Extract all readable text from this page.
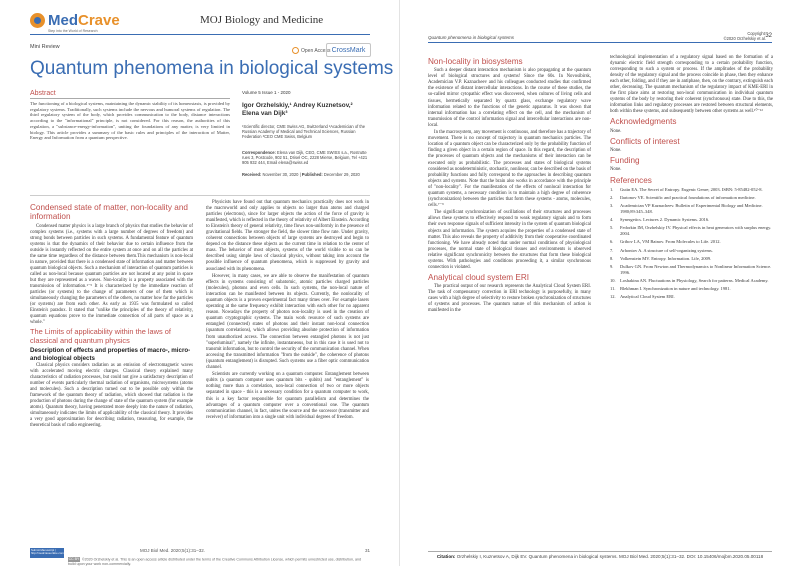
MedCrave
Step into the World of Research
MOJ Biology and Medicine
Mini Review
Open Access CrossMark
Quantum phenomena in biological systems
Abstract
The functioning of a biological systems, maintaining the dynamic stability of its homeostasis, is provided by regulatory systems. Traditionally, such systems include the nervous and humoral systems of regulation. The third regulatory system of the body, which provides communication to the body, distance interactions according to the "informational" principle, is not considered. For this reason, the authorities of this regulation, a "substance-energy-information", uniting the foundations of any matter, is very limited in biology. This article provides a summary of the basic rules and principles of the interaction of Matter, Energy and Information from a quantum perspective.
Volume 5 Issue 1 - 2020
Igor Orzhelskiy,¹ Andrey Kuznetsov,² Elena van Dijk³
¹Scientific director, CME Swiss AG, Switzerland ²Academician of the Russian Academy of Medical and Technical Sciences, Russian Federation ³CEO CME Swiss, Belgium
Correspondence: Elena van Dijk, CEO, CME SWISS s.a., Rostrutte rues 3, Postcode, 902 51, Drisel OC, 2228 Mierse, Belgium, Tel +421 905 932 444, Email elena@swiss.ed
Received: November 30, 2020 | Published: December 29, 2020
Condensed state of matter, non-locality and information
Condensed matter physics is a large branch of physics that studies the behavior of complex systems (i.e., systems with a large number of degrees of freedom) and strong bonds between particles in such systems. A fundamental feature of quantum systems is that the dynamics of their behavior due to certain influence from the outside is instantly reflected on the entire system at once and on all the particles at the same time regardless of the distance between them.This mechanism is non-local in nature, provided that there is a condensed state of information and matter between quantum biological objects. Such a mechanism of interaction of quantum particles is called as non-local because quantum particles are not located at any point in space but they are represented as a waves. Non-locality is a property associated with the transmission of information.¹⁻⁵ It is characterized by the immediate reaction of particles (or systems) to the change of parameters of one of them which is simultaneously changing the parameters of the others, no matter how far the particles (or systems) are from each other. As early as 1935 was formulated so called Einstein's paradox. It stated that "unlike the principles of the theory of relativity, quantum equations prove to the immediate connection of all parts of space as a whole."
The Limits of applicability within the laws of classical and quantum physics
Description of effects and properties of macro-, micro- and biological objects
Classical physics considers radiation as an emission of electromagnetic waves with accelerated moving electric charges. Classical theory explained many characteristics of radiation processes, but could not give a satisfactory description of number of events particularly thermal radiation of organisms, microsystems (atoms and molecules). Such a description turned out to be possible only within the framework of the quantum theory of radiation, which showed that radiation is the production of photons during the change of state of the quantum system (for example atoms). Quantum theory, having penetrated more deeply into the nature of radiation, simultaneously indicates the limits of applicability of the classical theory. It provides a very good approximation for describing radiation, treasuring, for example, the theoretical basis of radio engineering.
Physicists have found out that quantum mechanics practically does not work in the macroworld and only applies to objects no larger than atoms and charged particles (electrons), since for larger objects the action of the force of gravity is manifested, which is reflected in the theory of relativity of Albert Einstein. According to Einstein's theory of general relativity, time flows non-uniformly in the presence of gravitational fields. The stronger the field, the slower time flow rate. Under gravity, coherent connections between objects of large systems are destroyed and begin to depend on the distance these objects as the current time in relation to the center of mass. The behavior of most objects, systems of the world visible to us can be described using simple laws of classical physics, without taking into account the possible influence of quantum phenomena, which is suppressed by gravity and associated with its phenomena.
However, in many cases, we are able to observe the manifestation of quantum effects in systems consisting of subatomic, atomic particles charged particles (molecules), photons and even cells. In such systems, the non-local nature of interaction can be manifested between its objects. Currently, the nonlocality of quantum objects is a proven experimental fact many times over. For example lasers operating at the same frequency exhibit interaction with each other for no apparent reason. Nowadays the property of photon non-locality is used in the creation of quantum cryptographic systems. The main work resource of such systems are entangled (connected) states of photons and their instant non-local connection (quantum correlations), which allows providing absolute protection of information from unauthorized access. The connection between entangled photons is not just "superluminal", namely the infinite, instantaneous, but in this case it is used not to transmit information, but to control the security of the communication channel. When accessing the transmitted information "from the outside", the coherence of photons (quantum entanglement) is disrupted. Such systems use a fiber optic communication channel.
Scientists are currently working on a quantum computer. Entanglement between qubits (a quantum computer uses quantum bits - qubits) and "entanglement" is nothing more than a correlation, non-local connection of two or more objects separated in space - this is a necessary condition for a quantum computer to work, this is a key factor responsible for quantum parallelism and determines the advantages of a quantum computer over a conventional one. The quantum communication channel, in fact, unites the source and the successor (transmitter and receiver) of information into a single unit with individual degrees of freedom.
Submit Manuscript | http://medcraveonline.com
MOJ Biol Med. 2020;5(1):31‒32.	31
CC BY ©2020 Orzhelskiy et al. This is an open access article distributed under the terms of the Creative Commons Attribution License, which permits unrestricted use, distribution, and build upon your work non-commercially.
Quantum phenomena in biological systems
Copyright:
©2020 Orzhelskiy et al. 32
Non-locality in biosystems
Such a deeper distant interaction mechanism is also propagating at the quantum level of biological structures and systems! Since the 60s. In Novosibirsk, Academician V.P. Kaznacheev and his colleagues conducted studies that confirmed the existence of distant intercellular interactions. In the course of these studies, the so-called mirror cytopathic effect was discovered, when cultures of living cells and tissues, hermetically separated by quartz glass, exchange regulatory wave information related to the functions of the genetic apparatus. It was shown that internal information has a correlating effect on the cell, and the mechanism of transmission of the control information signal and intercellular interactions are non-local.
In the macrosystem, any movement is continuous, and therefore has a trajectory of movement. There is no concept of trajectory in quantum mechanics particles. The location of a quantum object can be characterized only by the probability function of finding a given object in a certain region of space. In this regard, the description of the processes of quantum objects and the mechanisms of their interaction can be executed only as probabilistic. The processes and states of biological systems considered as nondeterministic, stochastic, nonlinear, can be described on the basis of probability functions and fully correspond to the approaches in describing quantum objects and systems. Note that the brain also works in accordance with the principle of "non-locality". For the manifestation of the effects of nonlocal interaction for quantum systems, a necessary condition is to maintain a high degree of coherence (synchronization) between the particles that form these systems - atoms, molecules, cells.⁷⁻⁹
The significant synchronization of oscillations of their structures and processes allows these systems to effectively respond to weak regulatory signals and to form their own response signals of sufficient intensity in the system of quantum biological objects and information. The system acquires the properties of a condensed state of matter. This also reveals the property of additivity from their cooperative coordinated functioning. We have already noted that under normal conditions of physiological processes, the normal state of biological tissues and environments is observed relative significant synchronicity between the structures that form these biological systems. With pathologies and conditions proceeding it, a similar synchronous connection is violated.
Analytical cloud system ERI
The practical output of our research represents the Analytical Cloud System ERI. The task of compensatory correction in ERI technology is purposefully, in many cases with a high degree of selectivity to restore broken synchronization of structures of systems and processes. The quantum nature of this mechanism of action is manifested in the
technological implementation of a regulatory signal based on the formation of a dynamic electric field strength corresponding to a certain probability function, corresponding to such a system or process. If the amplitudes of the probability density of the regulatory signal and the process coincide in phase, then they enhance each other, folding, and if they are in antiphase, then, on the contrary, extinguish each other, decreasing. The quantum mechanism of the regulatory impact of KME-ERI in the first place aims at restoring non-local communication in individual quantum systems of the body by restoring their coherent (synchronous) state. Due to this, the information links and regulatory processes are restored between structural elements, both within these systems, and subsequently between other systems as well.¹⁰⁻¹²
Acknowledgments
None.
Conflicts of interest
None.
Funding
None.
References
1.	Gutin EA. The Secret of Entropy. Eugenic Genre; 2003. ISBN: 5-85482-052-8.
2.	Ilarionov VE. Scientific and practical foundations of information medicine.
3.	Academician VP Kaznacheev. Bulletin of Experimental Biology and Medicine. 1980;89:345–348.
4.	Synergetics. Lectures 2. Dynamic Systems. 2016.
5.	Fedorkin IM, Orzhelskiy IV. Physical effects in heat generators with surplus energy. 2004.
6.	Gribov LA, VM Bainov. From Molecules to Life. 2012.
7.	Arhontov A. A structure of self-organizing systems.
8.	Volkenstein MV. Entropy. Information. Life, 2009.
9.	Dulkov GN. From Newton and Thermodynamics to Nonlinear Information Science. 1996.
10. Loshakina AN. Fluctuations in Physiology, Search for patterns. Medical Academy.
11.	Blekhman I. Synchronization in nature and technology. 1981.
12. Analytical Cloud System ERI.
Citation: Orzhelskiy I, Kuznetsov A, Dijk EV. Quantum phenomena in biological systems. MOJ Biol Med. 2020;5(1):31‒32. DOI: 10.15406/mojbm.2020.05.00118
